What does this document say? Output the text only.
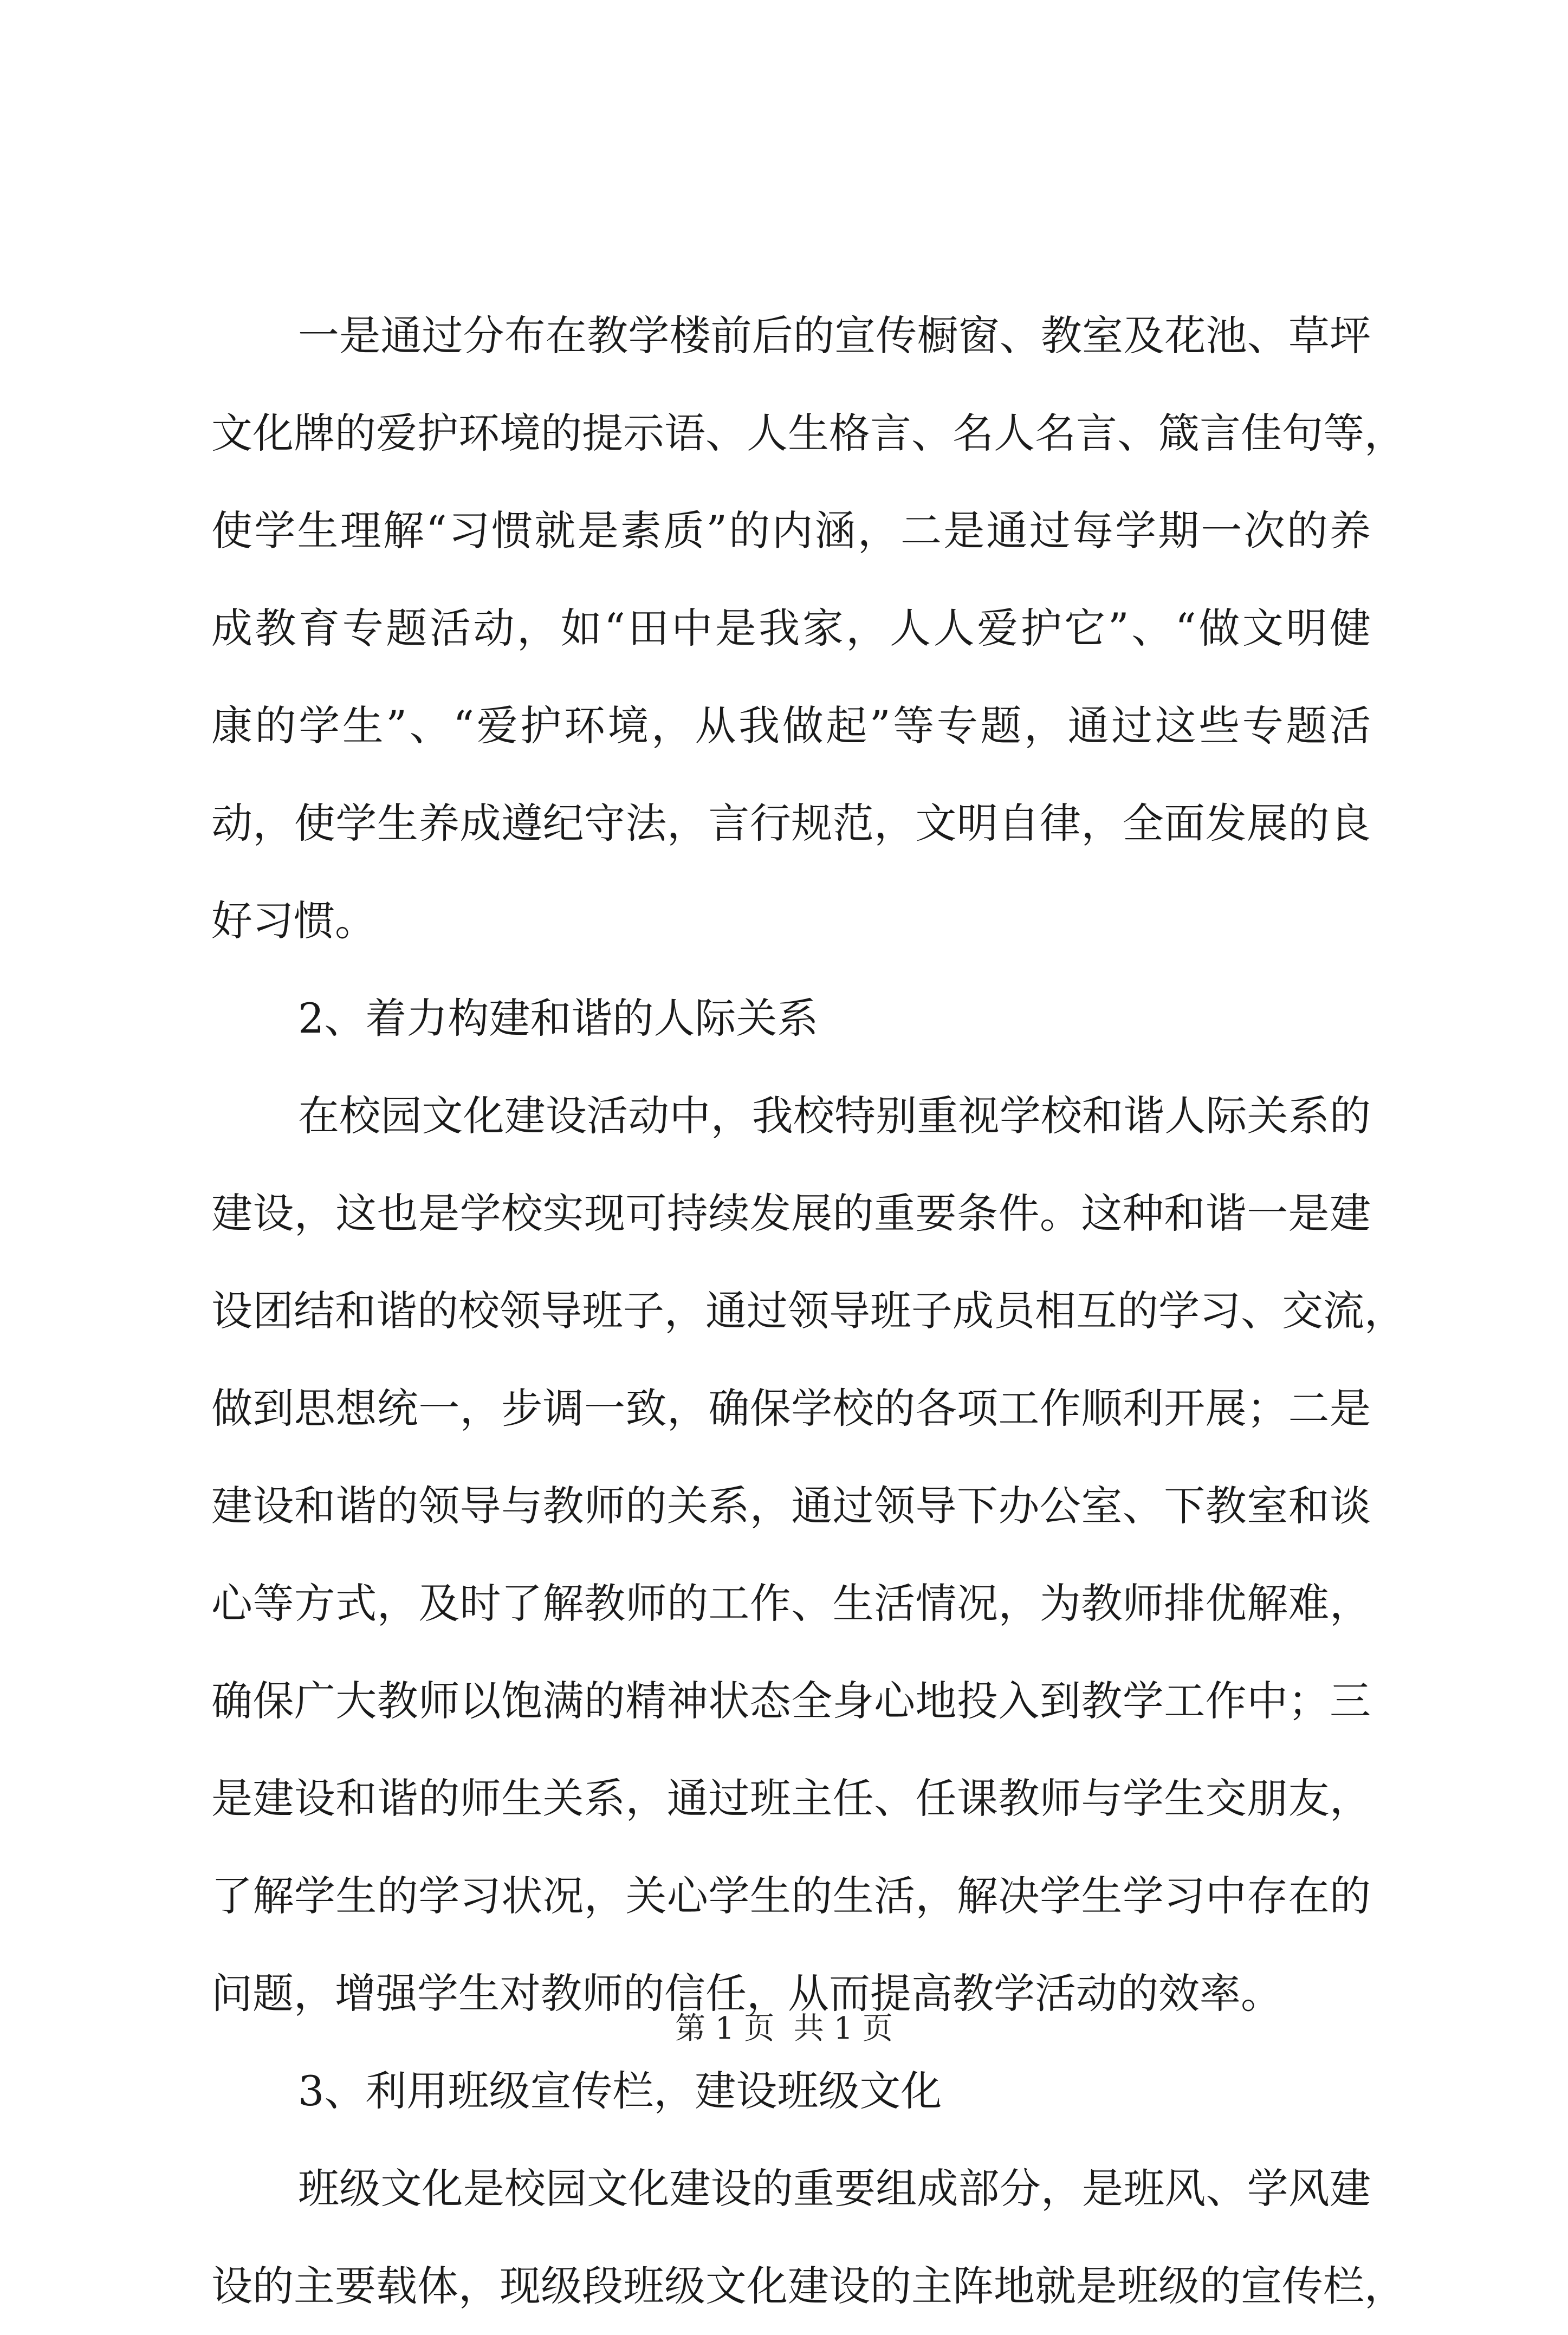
一是通过分布在教学楼前后的宣传橱窗、教室及花池、草坪
文化牌的爱护环境的提示语、人生格言、名人名言、箴言佳句等，
使学生理解“习惯就是素质”的内涵，二是通过每学期一次的养
成教育专题活动，如“田中是我家，人人爱护它”、“做文明健
康的学生”、“爱护环境，从我做起”等专题，通过这些专题活
动，使学生养成遵纪守法，言行规范，文明自律，全面发展的良
好习惯。
2、着力构建和谐的人际关系
在校园文化建设活动中，我校特别重视学校和谐人际关系的
建设，这也是学校实现可持续发展的重要条件。这种和谐一是建
设团结和谐的校领导班子，通过领导班子成员相互的学习、交流，
做到思想统一，步调一致，确保学校的各项工作顺利开展；二是
建设和谐的领导与教师的关系，通过领导下办公室、下教室和谈
心等方式，及时了解教师的工作、生活情况，为教师排优解难，
确保广大教师以饱满的精神状态全身心地投入到教学工作中；三
是建设和谐的师生关系，通过班主任、任课教师与学生交朋友，
了解学生的学习状况，关心学生的生活，解决学生学习中存在的
问题，增强学生对教师的信任，从而提高教学活动的效率。
3、利用班级宣传栏，建设班级文化
班级文化是校园文化建设的重要组成部分，是班风、学风建
设的主要载体，现级段班级文化建设的主阵地就是班级的宣传栏，
第 1 页  共 1 页
